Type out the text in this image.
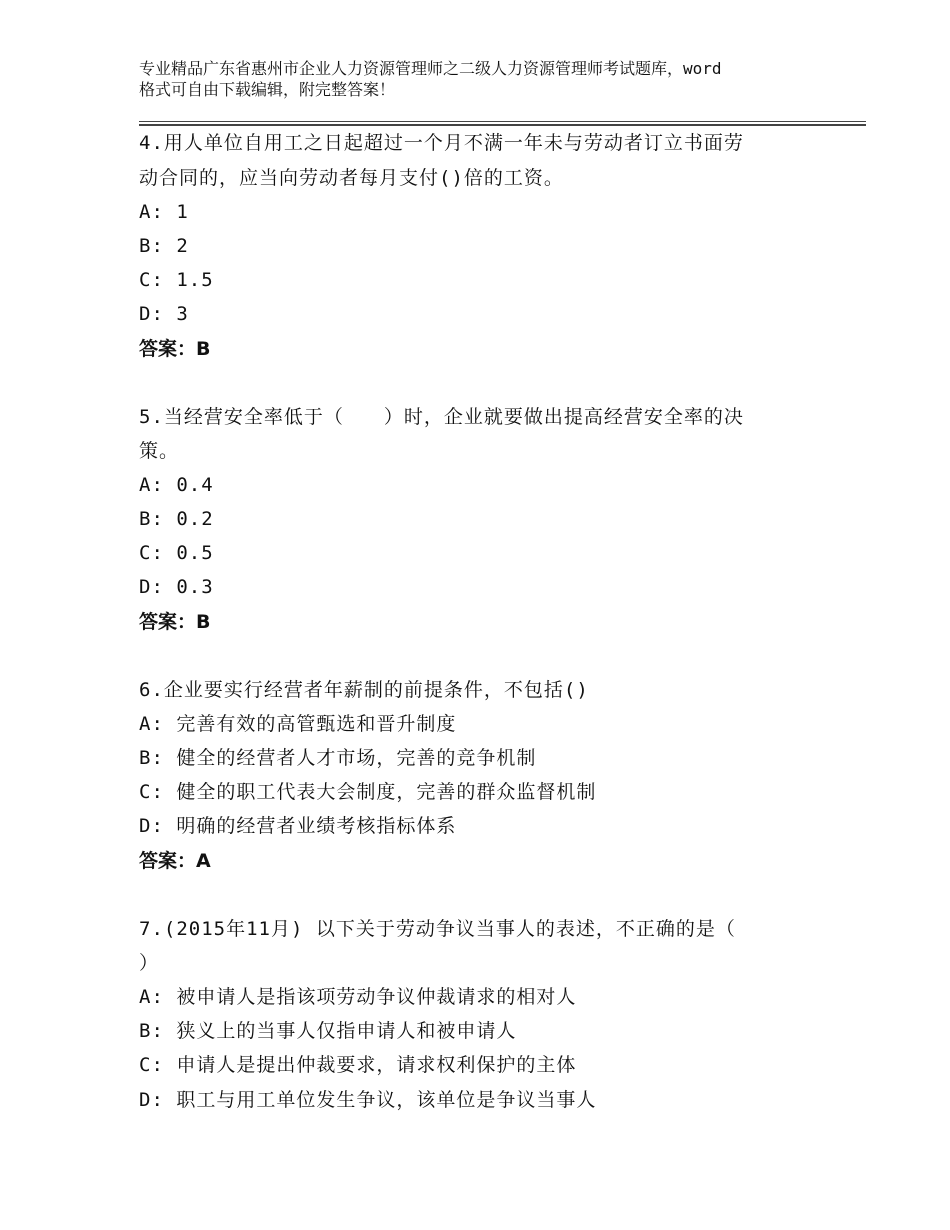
专业精品广东省惠州市企业人力资源管理师之二级人力资源管理师考试题库，word
格式可自由下载编辑，附完整答案！
4.用人单位自用工之日起超过一个月不满一年未与劳动者订立书面劳
动合同的，应当向劳动者每月支付()倍的工资。
A: 1
B: 2
C: 1.5
D: 3
答案：B
5.当经营安全率低于（　　）时，企业就要做出提高经营安全率的决
策。
A: 0.4
B: 0.2
C: 0.5
D: 0.3
答案：B
6.企业要实行经营者年薪制的前提条件，不包括()
A: 完善有效的高管甄选和晋升制度
B: 健全的经营者人才市场，完善的竞争机制
C: 健全的职工代表大会制度，完善的群众监督机制
D: 明确的经营者业绩考核指标体系
答案：A
7.(2015年11月) 以下关于劳动争议当事人的表述，不正确的是（
）
A: 被申请人是指该项劳动争议仲裁请求的相对人
B: 狭义上的当事人仅指申请人和被申请人
C: 申请人是提出仲裁要求，请求权利保护的主体
D: 职工与用工单位发生争议，该单位是争议当事人
